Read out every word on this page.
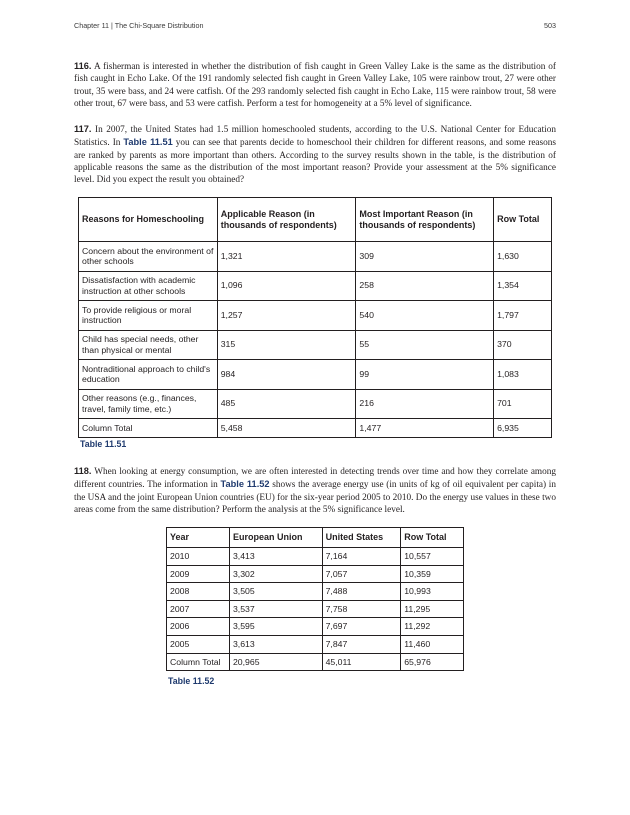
Chapter 11 | The Chi-Square Distribution	503

116. A fisherman is interested in whether the distribution of fish caught in Green Valley Lake is the same as the distribution of fish caught in Echo Lake. Of the 191 randomly selected fish caught in Green Valley Lake, 105 were rainbow trout, 27 were other trout, 35 were bass, and 24 were catfish. Of the 293 randomly selected fish caught in Echo Lake, 115 were rainbow trout, 58 were other trout, 67 were bass, and 53 were catfish. Perform a test for homogeneity at a 5% level of significance.

117. In 2007, the United States had 1.5 million homeschooled students, according to the U.S. National Center for Education Statistics. In Table 11.51 you can see that parents decide to homeschool their children for different reasons, and some reasons are ranked by parents as more important than others. According to the survey results shown in the table, is the distribution of applicable reasons the same as the distribution of the most important reason? Provide your assessment at the 5% significance level. Did you expect the result you obtained?

Reasons for Homeschooling	Applicable Reason (in thousands of respondents)	Most Important Reason (in thousands of respondents)	Row Total
Concern about the environment of other schools	1,321	309	1,630
Dissatisfaction with academic instruction at other schools	1,096	258	1,354
To provide religious or moral instruction	1,257	540	1,797
Child has special needs, other than physical or mental	315	55	370
Nontraditional approach to child's education	984	99	1,083
Other reasons (e.g., finances, travel, family time, etc.)	485	216	701
Column Total	5,458	1,477	6,935
Table 11.51

118. When looking at energy consumption, we are often interested in detecting trends over time and how they correlate among different countries. The information in Table 11.52 shows the average energy use (in units of kg of oil equivalent per capita) in the USA and the joint European Union countries (EU) for the six-year period 2005 to 2010. Do the energy use values in these two areas come from the same distribution? Perform the analysis at the 5% significance level.

Year	European Union	United States	Row Total
2010	3,413	7,164	10,557
2009	3,302	7,057	10,359
2008	3,505	7,488	10,993
2007	3,537	7,758	11,295
2006	3,595	7,697	11,292
2005	3,613	7,847	11,460
Column Total	20,965	45,011	65,976
Table 11.52
